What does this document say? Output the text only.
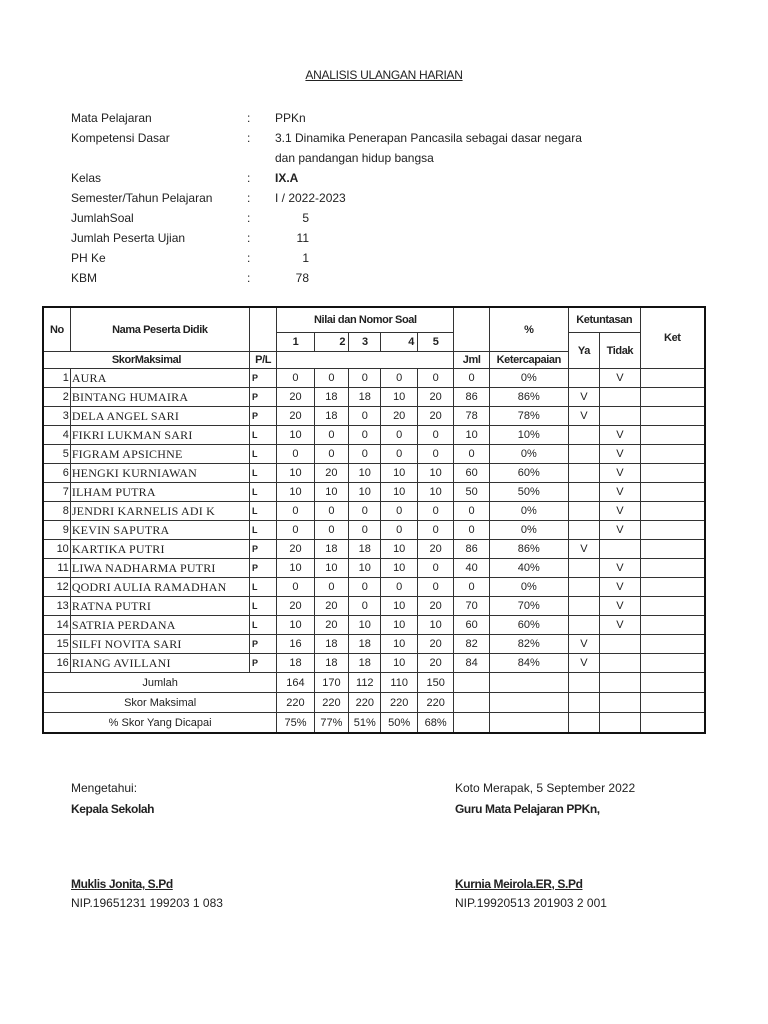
ANALISIS ULANGAN HARIAN
Mata Pelajaran	: PPKn
Kompetensi Dasar	: 3.1 Dinamika Penerapan Pancasila sebagai dasar negara
dan pandangan hidup bangsa
Kelas	: IX.A
Semester/Tahun Pelajaran	: I / 2022-2023
JumlahSoal	:	5
Jumlah Peserta Ujian	:	11
PH Ke	:	1
KBM	:	78
No	Nama Peserta Didik		Nilai dan Nomor Soal						%	Ketuntasan		Ket
			1	2	3	4	5			Ya	Tidak	
SkorMaksimal		P/L						Jml	Ketercapaian			
1	AURA	P	0	0	0	0	0	0	0%		V	
2	BINTANG HUMAIRA	P	20	18	18	10	20	86	86%	V		
3	DELA ANGEL SARI	P	20	18	0	20	20	78	78%	V		
4	FIKRI LUKMAN SARI	L	10	0	0	0	0	10	10%		V	
5	FIGRAM APSICHNE	L	0	0	0	0	0	0	0%		V	
6	HENGKI KURNIAWAN	L	10	20	10	10	10	60	60%		V	
7	ILHAM PUTRA	L	10	10	10	10	10	50	50%		V	
8	JENDRI KARNELIS ADI K	L	0	0	0	0	0	0	0%		V	
9	KEVIN SAPUTRA	L	0	0	0	0	0	0	0%		V	
10	KARTIKA PUTRI	P	20	18	18	10	20	86	86%	V		
11	LIWA NADHARMA PUTRI	P	10	10	10	10	0	40	40%		V	
12	QODRI AULIA RAMADHAN	L	0	0	0	0	0	0	0%		V	
13	RATNA PUTRI	L	20	20	0	10	20	70	70%		V	
14	SATRIA PERDANA	L	10	20	10	10	10	60	60%		V	
15	SILFI NOVITA SARI	P	16	18	18	10	20	82	82%	V		
16	RIANG AVILLANI	P	18	18	18	10	20	84	84%	V		
Jumlah			164	170	112	110	150					
Skor Maksimal			220	220	220	220	220					
% Skor Yang Dicapai			75%	77%	51%	50%	68%					
Mengetahui:
Kepala Sekolah
Muklis Jonita, S.Pd
NIP.19651231 199203 1 083
Koto Merapak, 5 September 2022
Guru Mata Pelajaran PPKn,
Kurnia Meirola.ER, S.Pd
NIP.19920513 201903 2 001
